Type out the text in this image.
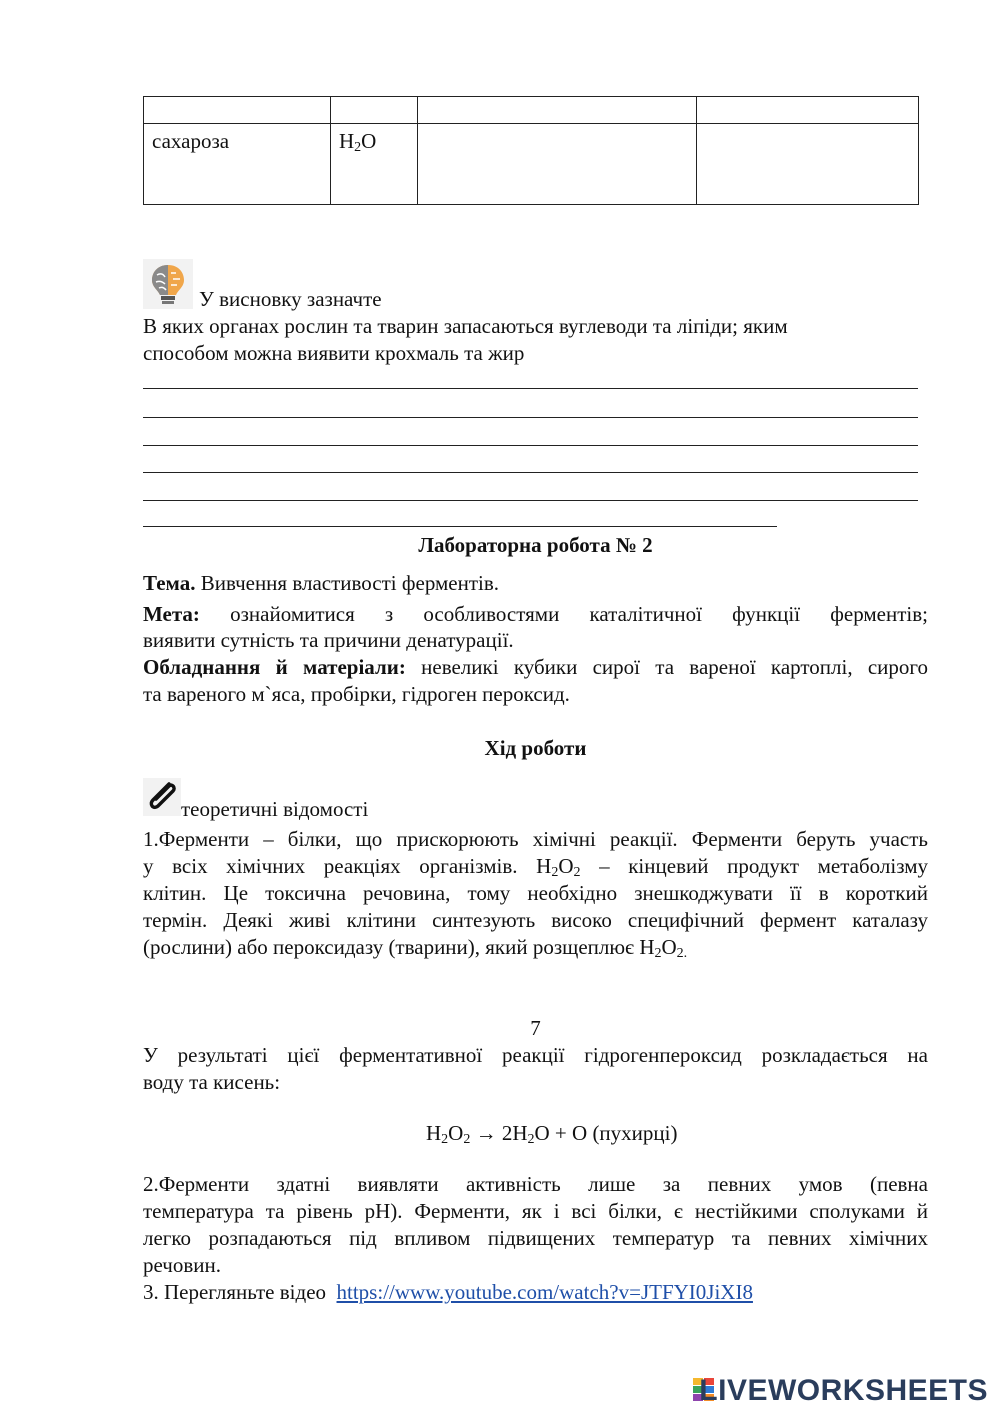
сахароза	$H_2O$		
У висновку зазначте
В яких органах рослин та тварин запасаються вуглеводи та ліпіди; яким
способом можна виявити крохмаль та жир
Лабораторна робота № 2
Тема. Вивчення властивості ферментів.
Мета: ознайомитися з особливостями каталітичної функції ферментів;
виявити сутність та причини денатурації.
Обладнання й матеріали: невеликі кубики сирої та вареної картоплі, сирого
та вареного м`яса, пробірки, гідроген пероксид.
Хід роботи
теоретичні відомості
1.Ферменти – білки, що прискорюють хімічні реакції. Ферменти беруть участь
у всіх хімічних реакціях організмів. $H_2O_2$ – кінцевий продукт метаболізму
клітин. Це токсична речовина, тому необхідно знешкоджувати її в короткий
термін. Деякі живі клітини синтезують високо специфічний фермент каталазу
(рослини) або пероксидазу (тварини), який розщеплює $H_2O_{2.}$
7
У результаті цієї ферментативної реакції гідрогенпероксид розкладається на
воду та кисень:
$H_2O_2 \to 2H_2O + O$ (пухирці)
2.Ферменти здатні виявляти активність лише за певних умов (певна
температура та рівень pH). Ферменти, як і всі білки, є нестійкими сполуками й
легко розпадаються під впливом підвищених температур та певних хімічних
речовин.
3. Перегляньте відео https://www.youtube.com/watch?v=JTFYI0JiXI8
LIVEWORKSHEETS
